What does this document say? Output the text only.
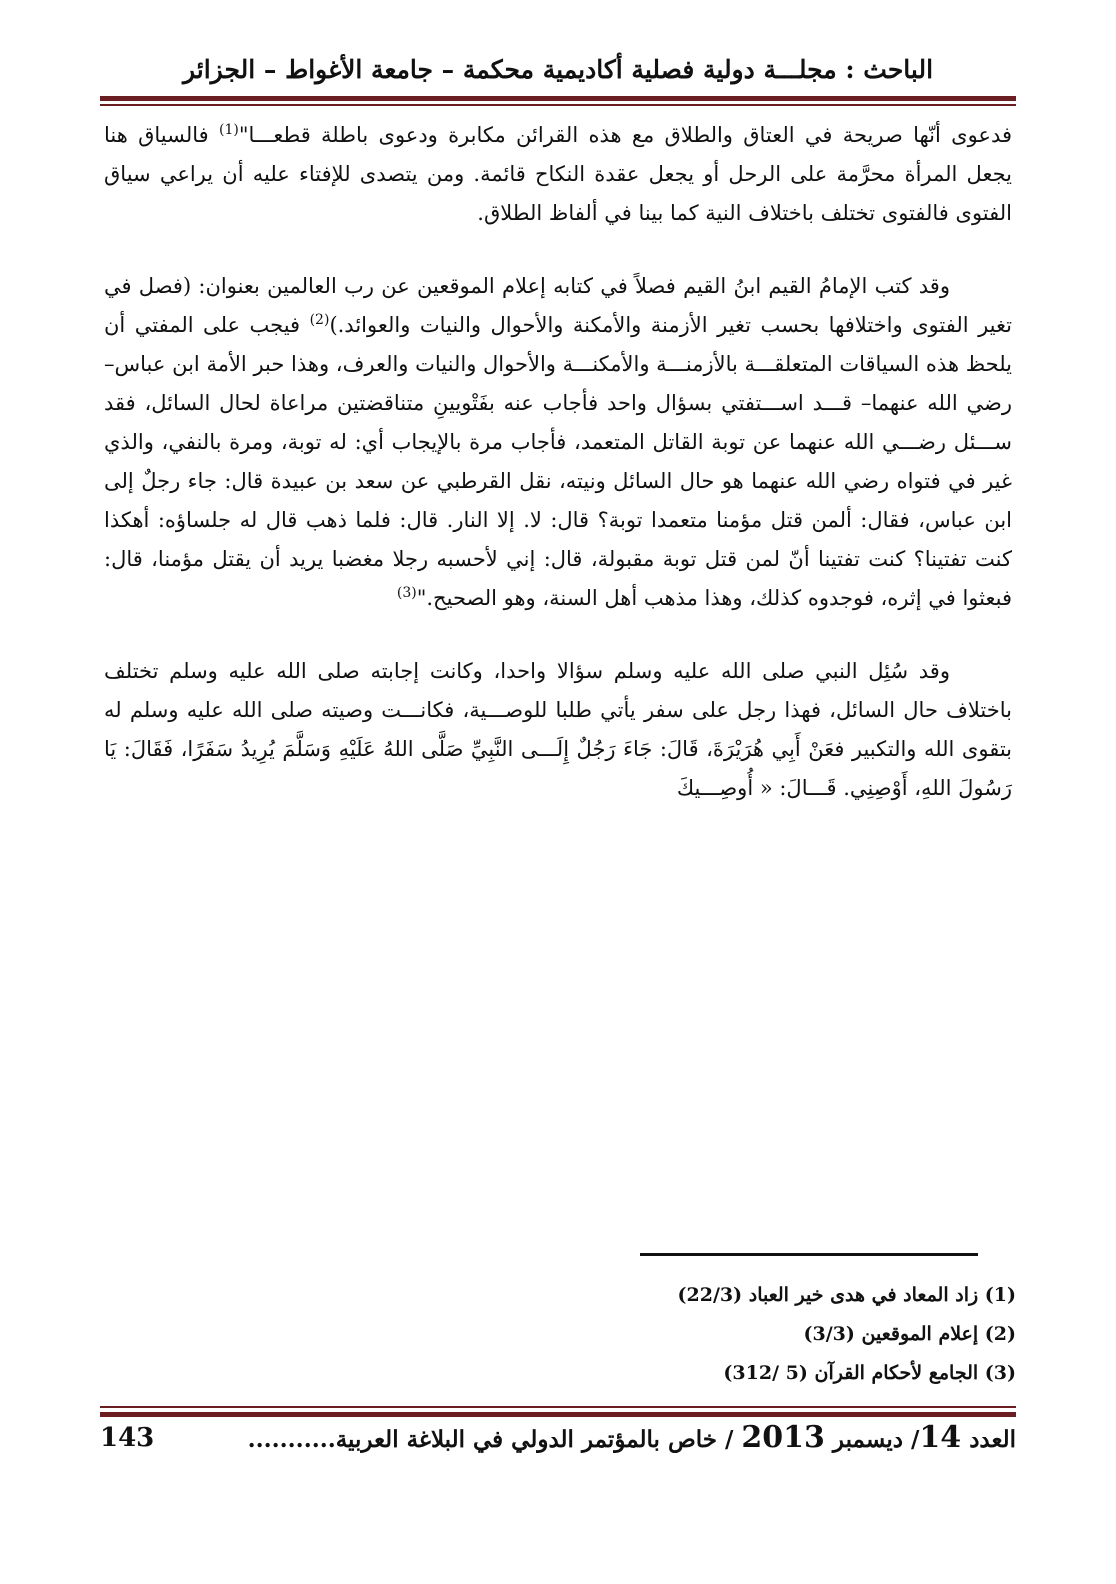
الباحث : مجلـــة دولية فصلية أكاديمية محكمة – جامعة الأغواط – الجزائر

فدعوى أنّها صريحة في العتاق والطلاق مع هذه القرائن مكابرة ودعوى باطلة قطعـــا"$^{(1)}$ فالسياق هنا يجعل المرأة محرَّمة على الرحل أو يجعل عقدة النكاح قائمة. ومن يتصدى للإفتاء عليه أن يراعي سياق الفتوى فالفتوى تختلف باختلاف النية كما بينا في ألفاظ الطلاق.

وقد كتب الإمامُ القيم ابنُ القيم فصلاً في كتابه إعلام الموقعين عن رب العالمين بعنوان: (فصل في تغير الفتوى واختلافها بحسب تغير الأزمنة والأمكنة والأحوال والنيات والعوائد.)$^{(2)}$ فيجب على المفتي أن يلحظ هذه السياقات المتعلقـــة بالأزمنـــة والأمكنـــة والأحوال والنيات والعرف، وهذا حبر الأمة ابن عباس–رضي الله عنهما– قـــد اســـتفتي بسؤال واحد فأجاب عنه بفَتْويينِ متناقضتين مراعاة لحال السائل، فقد ســـئل رضـــي الله عنهما عن توبة القاتل المتعمد، فأجاب مرة بالإيجاب أي: له توبة، ومرة بالنفي، والذي غير في فتواه رضي الله عنهما هو حال السائل ونيته، نقل القرطبي عن سعد بن عبيدة قال: جاء رجلٌ إلى ابن عباس، فقال: ألمن قتل مؤمنا متعمدا توبة؟ قال: لا. إلا النار. قال: فلما ذهب قال له جلساؤه: أهكذا كنت تفتينا؟ كنت تفتينا أنّ لمن قتل توبة مقبولة، قال: إني لأحسبه رجلا مغضبا يريد أن يقتل مؤمنا، قال: فبعثوا في إثره، فوجدوه كذلك، وهذا مذهب أهل السنة، وهو الصحيح."$^{(3)}$

وقد سُئِل النبي صلى الله عليه وسلم سؤالا واحدا، وكانت إجابته صلى الله عليه وسلم تختلف باختلاف حال السائل، فهذا رجل على سفر يأتي طلبا للوصـــية، فكانـــت وصيته صلى الله عليه وسلم له بتقوى الله والتكبير فعَنْ أَبِي هُرَيْرَةَ، قَالَ: جَاءَ رَجُلٌ إِلَـــى النَّبِيِّ صَلَّى اللهُ عَلَيْهِ وَسَلَّمَ يُرِيدُ سَفَرًا، فَقَالَ: يَا رَسُولَ اللهِ، أَوْصِنِي. قَـــالَ: « أُوصِـــيكَ

(1) زاد المعاد في هدى خير العباد (22/3)
(2) إعلام الموقعين (3/3)
(3) الجامع لأحكام القرآن (5 /312)
العدد 14/ ديسمبر 2013 / خاص بالمؤتمر الدولي في البلاغة العربية...........
143
